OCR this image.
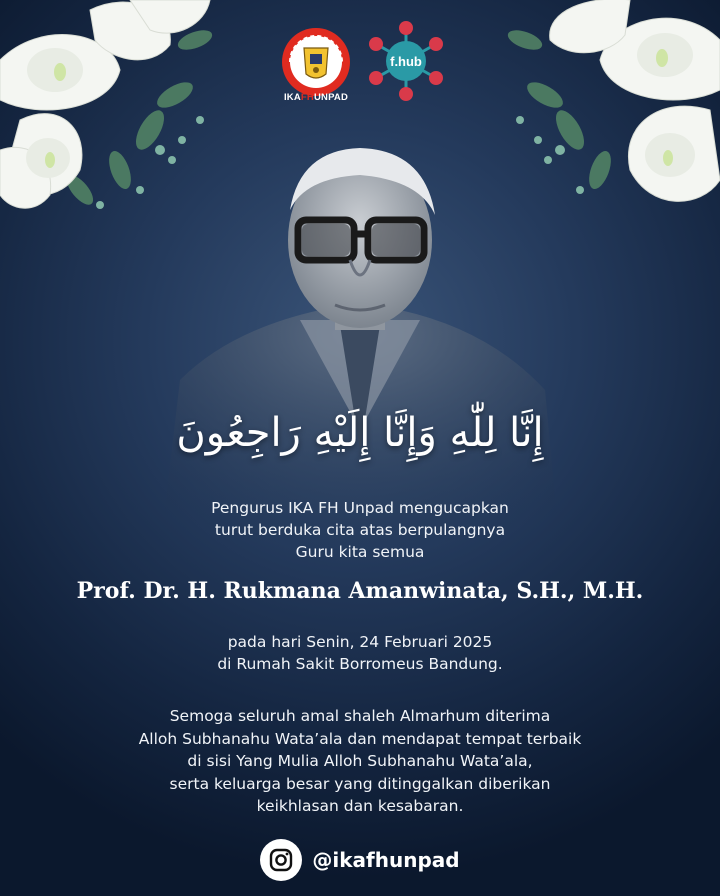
IKAFHUNPAD
f.hub
إِنَّا لِلّٰهِ وَإِنَّا إِلَيْهِ رَاجِعُونَ
Pengurus IKA FH Unpad mengucapkan
turut berduka cita atas berpulangnya
Guru kita semua
Prof. Dr. H. Rukmana Amanwinata, S.H., M.H.
pada hari Senin, 24 Februari 2025
di Rumah Sakit Borromeus Bandung.
Semoga seluruh amal shaleh Almarhum diterima
Alloh Subhanahu Wata’ala dan mendapat tempat terbaik
di sisi Yang Mulia Alloh Subhanahu Wata’ala,
serta keluarga besar yang ditinggalkan diberikan
keikhlasan dan kesabaran.
@ikafhunpad
